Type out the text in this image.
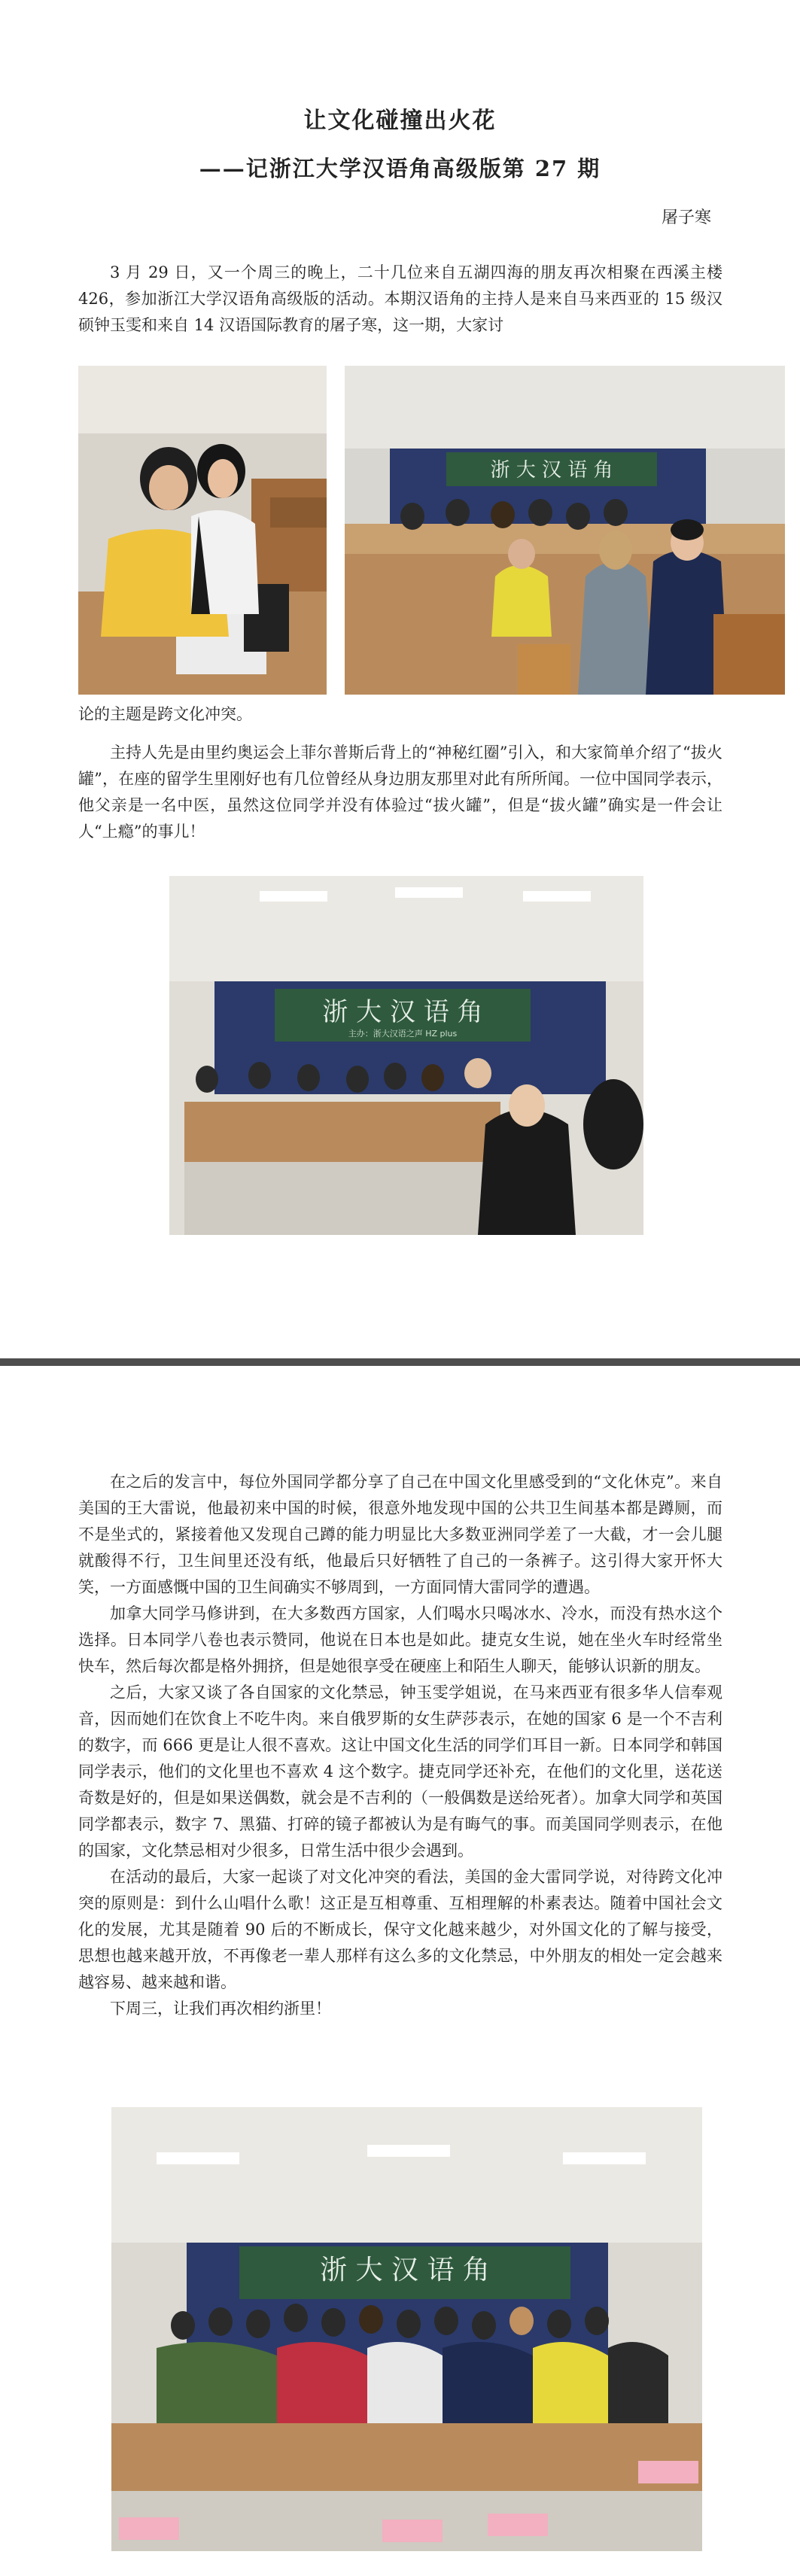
让文化碰撞出火花
——记浙江大学汉语角高级版第 27 期
屠子寒

3 月 29 日，又一个周三的晚上，二十几位来自五湖四海的朋友再次相聚在西溪主楼 426，参加浙江大学汉语角高级版的活动。本期汉语角的主持人是来自马来西亚的 15 级汉硕钟玉雯和来自 14 汉语国际教育的屠子寒，这一期，大家讨

浙 大 汉 语 角

论的主题是跨文化冲突。

主持人先是由里约奥运会上菲尔普斯后背上的“神秘红圈”引入，和大家简单介绍了“拔火罐”，在座的留学生里刚好也有几位曾经从身边朋友那里对此有所所闻。一位中国同学表示，他父亲是一名中医，虽然这位同学并没有体验过“拔火罐”，但是“拔火罐”确实是一件会让人“上瘾”的事儿！

浙 大 汉 语 角
主办：浙大汉语之声 HZ plus

在之后的发言中，每位外国同学都分享了自己在中国文化里感受到的“文化休克”。来自美国的王大雷说，他最初来中国的时候，很意外地发现中国的公共卫生间基本都是蹲厕，而不是坐式的，紧接着他又发现自己蹲的能力明显比大多数亚洲同学差了一大截，才一会儿腿就酸得不行，卫生间里还没有纸，他最后只好牺牲了自己的一条裤子。这引得大家开怀大笑，一方面感慨中国的卫生间确实不够周到，一方面同情大雷同学的遭遇。

加拿大同学马修讲到，在大多数西方国家，人们喝水只喝冰水、冷水，而没有热水这个选择。日本同学八卷也表示赞同，他说在日本也是如此。捷克女生说，她在坐火车时经常坐快车，然后每次都是格外拥挤，但是她很享受在硬座上和陌生人聊天，能够认识新的朋友。

之后，大家又谈了各自国家的文化禁忌，钟玉雯学姐说，在马来西亚有很多华人信奉观音，因而她们在饮食上不吃牛肉。来自俄罗斯的女生萨莎表示，在她的国家 6 是一个不吉利的数字，而 666 更是让人很不喜欢。这让中国文化生活的同学们耳目一新。日本同学和韩国同学表示，他们的文化里也不喜欢 4 这个数字。捷克同学还补充，在他们的文化里，送花送奇数是好的，但是如果送偶数，就会是不吉利的（一般偶数是送给死者）。加拿大同学和英国同学都表示，数字 7、黑猫、打碎的镜子都被认为是有晦气的事。而美国同学则表示，在他的国家，文化禁忌相对少很多，日常生活中很少会遇到。

在活动的最后，大家一起谈了对文化冲突的看法，美国的金大雷同学说，对待跨文化冲突的原则是：到什么山唱什么歌！这正是互相尊重、互相理解的朴素表达。随着中国社会文化的发展，尤其是随着 90 后的不断成长，保守文化越来越少，对外国文化的了解与接受，思想也越来越开放，不再像老一辈人那样有这么多的文化禁忌，中外朋友的相处一定会越来越容易、越来越和谐。

下周三，让我们再次相约浙里！

浙 大 汉 语 角
